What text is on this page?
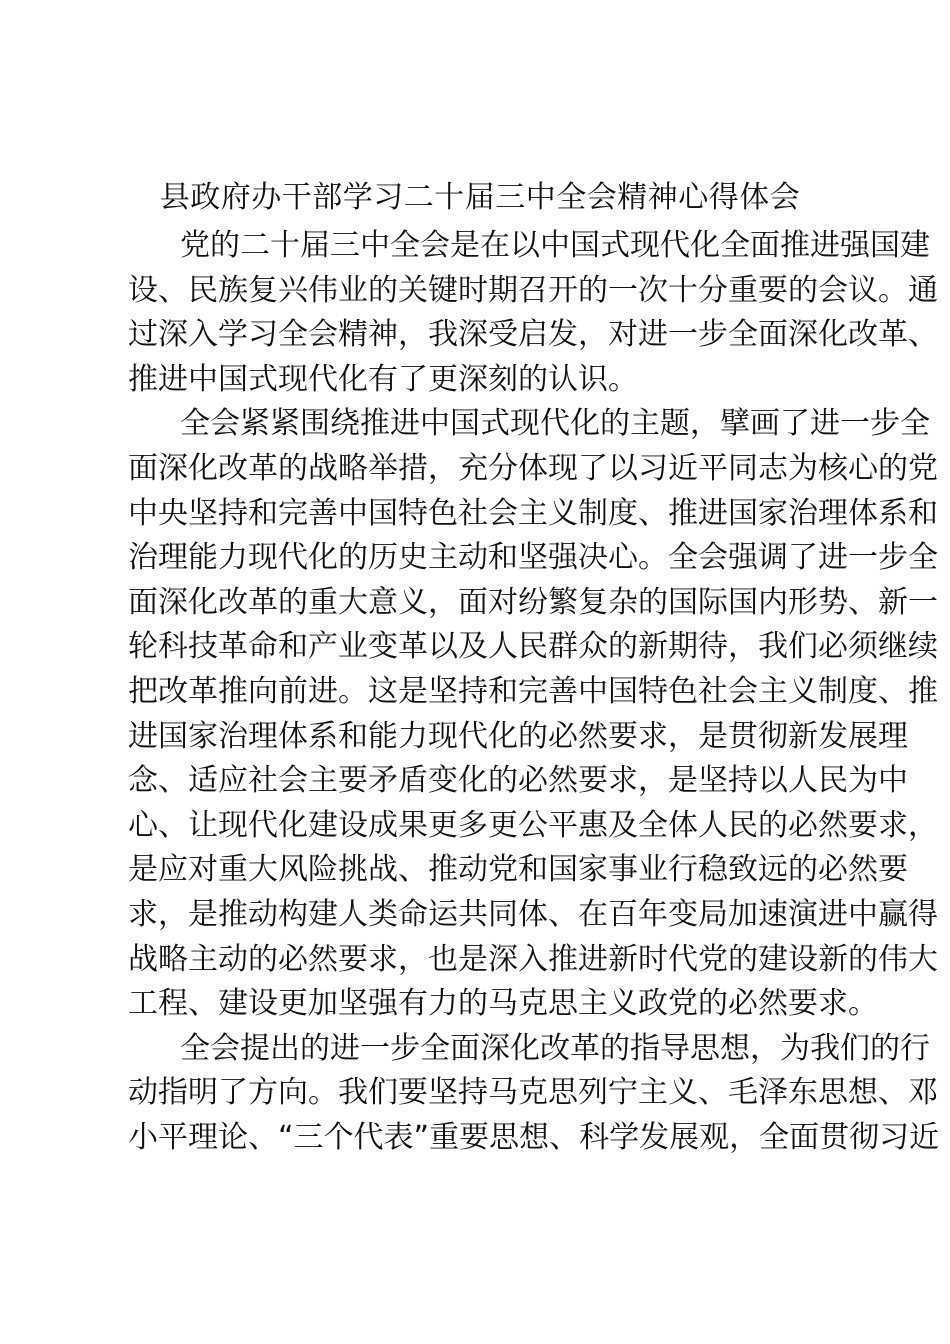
县政府办干部学习二十届三中全会精神心得体会

党的二十届三中全会是在以中国式现代化全面推进强国建
设、民族复兴伟业的关键时期召开的一次十分重要的会议。通
过深入学习全会精神，我深受启发，对进一步全面深化改革、
推进中国式现代化有了更深刻的认识。

全会紧紧围绕推进中国式现代化的主题，擘画了进一步全
面深化改革的战略举措，充分体现了以习近平同志为核心的党
中央坚持和完善中国特色社会主义制度、推进国家治理体系和
治理能力现代化的历史主动和坚强决心。全会强调了进一步全
面深化改革的重大意义，面对纷繁复杂的国际国内形势、新一
轮科技革命和产业变革以及人民群众的新期待，我们必须继续
把改革推向前进。这是坚持和完善中国特色社会主义制度、推
进国家治理体系和能力现代化的必然要求，是贯彻新发展理
念、适应社会主要矛盾变化的必然要求，是坚持以人民为中
心、让现代化建设成果更多更公平惠及全体人民的必然要求，
是应对重大风险挑战、推动党和国家事业行稳致远的必然要
求，是推动构建人类命运共同体、在百年变局加速演进中赢得
战略主动的必然要求，也是深入推进新时代党的建设新的伟大
工程、建设更加坚强有力的马克思主义政党的必然要求。

全会提出的进一步全面深化改革的指导思想，为我们的行
动指明了方向。我们要坚持马克思列宁主义、毛泽东思想、邓
小平理论、“三个代表”重要思想、科学发展观，全面贯彻习近
